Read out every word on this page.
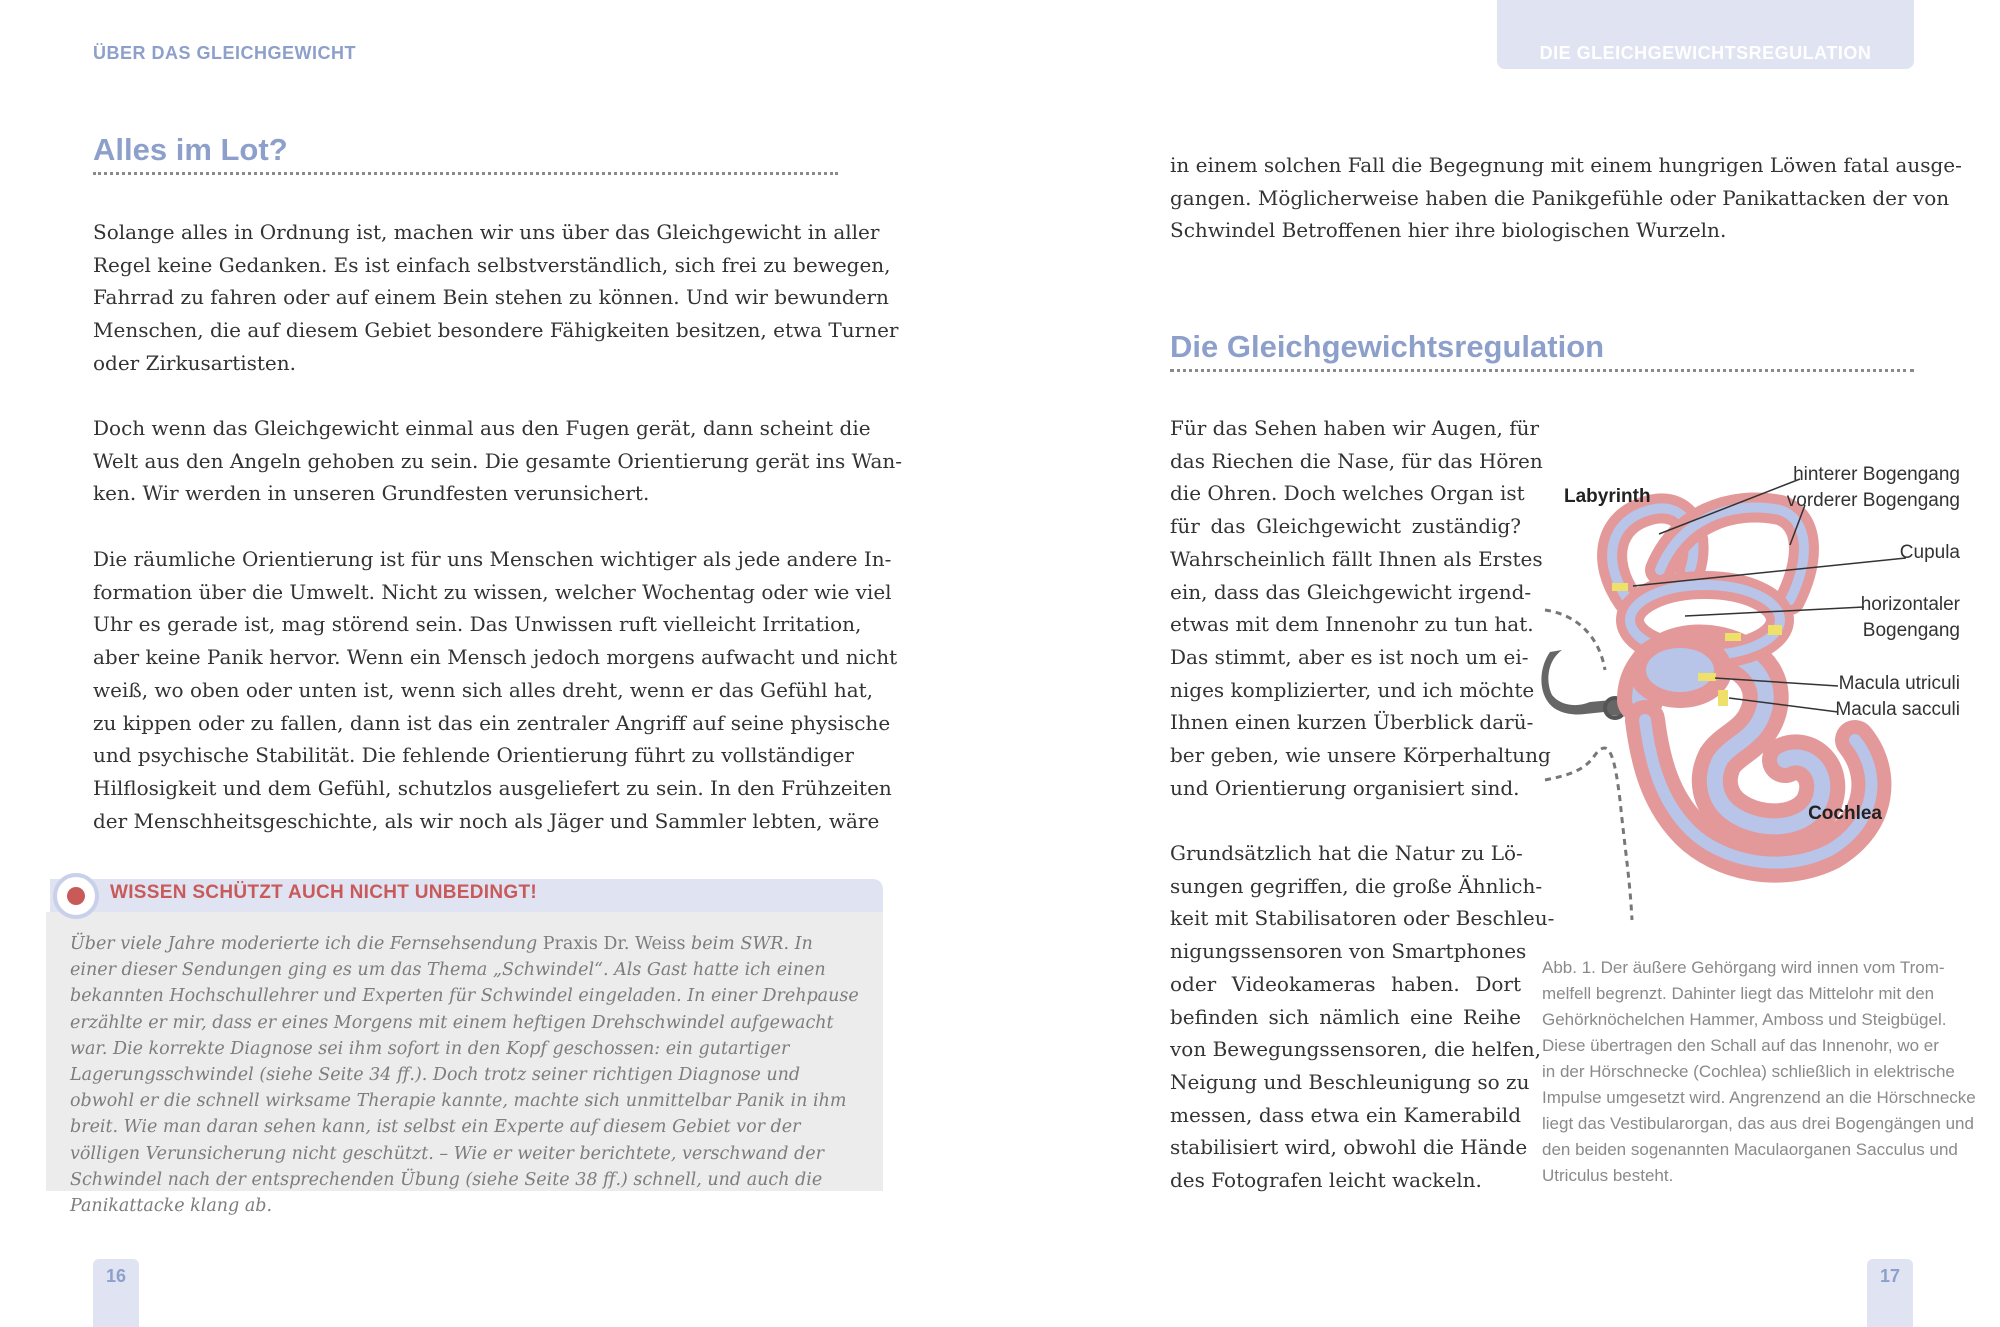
ÜBER DAS GLEICHGEWICHT	DIE GLEICHGEWICHTSREGULATION
Alles im Lot?
Solange alles in Ordnung ist, machen wir uns über das Gleichgewicht in aller
Regel keine Gedanken. Es ist einfach selbstverständlich, sich frei zu bewegen,
Fahrrad zu fahren oder auf einem Bein stehen zu können. Und wir bewundern
Menschen, die auf diesem Gebiet besondere Fähigkeiten besitzen, etwa Turner
oder Zirkusartisten.
Doch wenn das Gleichgewicht einmal aus den Fugen gerät, dann scheint die
Welt aus den Angeln gehoben zu sein. Die gesamte Orientierung gerät ins Wan-
ken. Wir werden in unseren Grundfesten verunsichert.
Die räumliche Orientierung ist für uns Menschen wichtiger als jede andere In-
formation über die Umwelt. Nicht zu wissen, welcher Wochentag oder wie viel
Uhr es gerade ist, mag störend sein. Das Unwissen ruft vielleicht Irritation,
aber keine Panik hervor. Wenn ein Mensch jedoch morgens aufwacht und nicht
weiß, wo oben oder unten ist, wenn sich alles dreht, wenn er das Gefühl hat,
zu kippen oder zu fallen, dann ist das ein zentraler Angriff auf seine physische
und psychische Stabilität. Die fehlende Orientierung führt zu vollständiger
Hilflosigkeit und dem Gefühl, schutzlos ausgeliefert zu sein. In den Frühzeiten
der Menschheitsgeschichte, als wir noch als Jäger und Sammler lebten, wäre
WISSEN SCHÜTZT AUCH NICHT UNBEDINGT!
Über viele Jahre moderierte ich die Fernsehsendung Praxis Dr. Weiss beim SWR. In einer dieser Sendungen ging es um das Thema „Schwindel“. Als Gast hatte ich einen bekannten Hochschullehrer und Experten für Schwindel eingeladen. In einer Drehpause erzählte er mir, dass er eines Morgens mit einem heftigen Drehschwindel aufgewacht war. Die korrekte Diagnose sei ihm sofort in den Kopf geschossen: ein gutartiger Lagerungsschwindel (siehe Seite 34 ff.). Doch trotz seiner richtigen Diagnose und obwohl er die schnell wirksame Therapie kannte, machte sich unmittelbar Panik in ihm breit. Wie man daran sehen kann, ist selbst ein Experte auf diesem Gebiet vor der völligen Verunsicherung nicht geschützt. – Wie er weiter berichtete, verschwand der Schwindel nach der entsprechenden Übung (siehe Seite 38 ff.) schnell, und auch die Panikattacke klang ab.
16
in einem solchen Fall die Begegnung mit einem hungrigen Löwen fatal ausge-
gangen. Möglicherweise haben die Panikgefühle oder Panikattacken der von
Schwindel Betroffenen hier ihre biologischen Wurzeln.
Die Gleichgewichtsregulation
Für das Sehen haben wir Augen, für
das Riechen die Nase, für das Hören
die Ohren. Doch welches Organ ist
für das Gleichgewicht zuständig?
Wahrscheinlich fällt Ihnen als Erstes
ein, dass das Gleichgewicht irgend-
etwas mit dem Innenohr zu tun hat.
Das stimmt, aber es ist noch um ei-
niges komplizierter, und ich möchte
Ihnen einen kurzen Überblick darü-
ber geben, wie unsere Körperhaltung
und Orientierung organisiert sind.
Grundsätzlich hat die Natur zu Lö-
sungen gegriffen, die große Ähnlich-
keit mit Stabilisatoren oder Beschleu-
nigungssensoren von Smartphones
oder Videokameras haben. Dort
befinden sich nämlich eine Reihe
von Bewegungssensoren, die helfen,
Neigung und Beschleunigung so zu
messen, dass etwa ein Kamerabild
stabilisiert wird, obwohl die Hände
des Fotografen leicht wackeln.
Labyrinth
hinterer Bogengang
vorderer Bogengang
Cupula
horizontaler
Bogengang
Macula utriculi
Macula sacculi
Cochlea
Abb. 1. Der äußere Gehörgang wird innen vom Trom-
melfell begrenzt. Dahinter liegt das Mittelohr mit den
Gehörknöchelchen Hammer, Amboss und Steigbügel.
Diese übertragen den Schall auf das Innenohr, wo er
in der Hörschnecke (Cochlea) schließlich in elektrische
Impulse umgesetzt wird. Angrenzend an die Hörschnecke
liegt das Vestibularorgan, das aus drei Bogengängen und
den beiden sogenannten Maculaorganen Sacculus und
Utriculus besteht.
17
